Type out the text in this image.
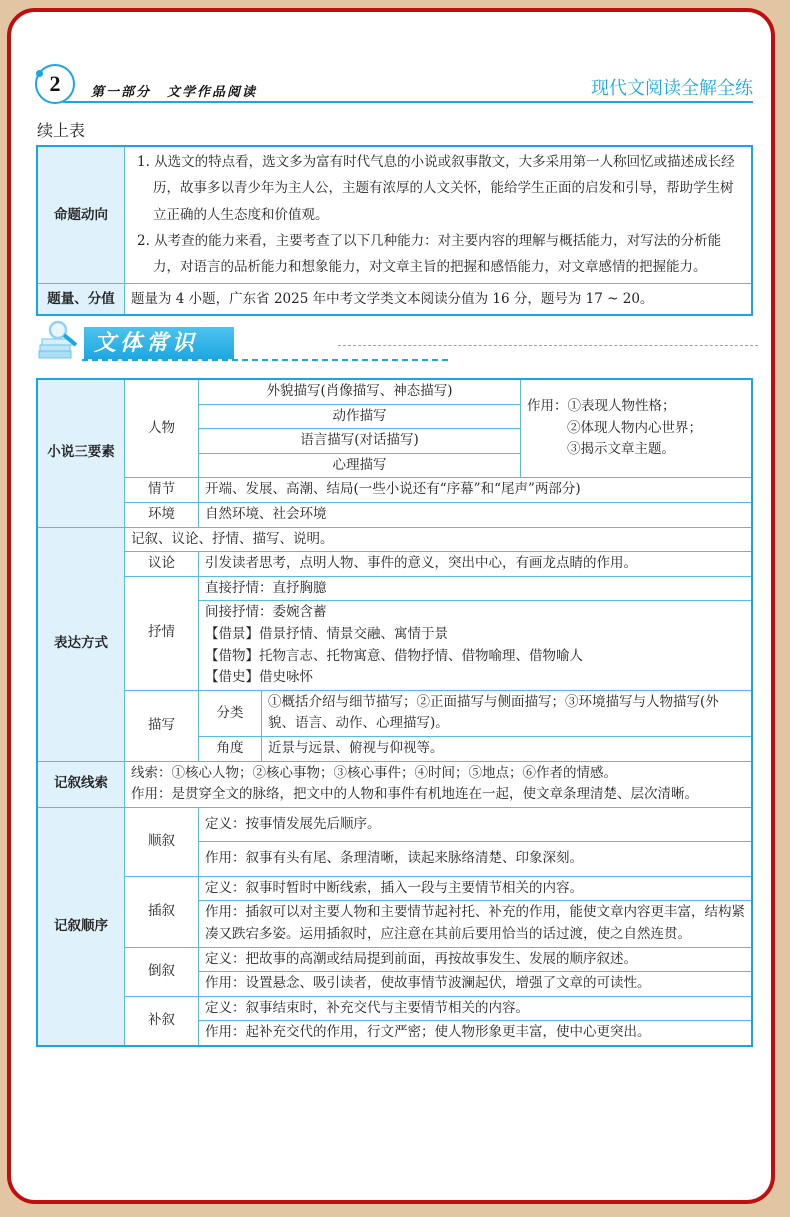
2	第一部分 文学作品阅读	现代文阅读全解全练
续上表
命题动向	1. 从选文的特点看，选文多为富有时代气息的小说或叙事散文，大多采用第一人称回忆或描述成长经历，故事多以青少年为主人公，主题有浓厚的人文关怀，能给学生正面的启发和引导，帮助学生树立正确的人生态度和价值观。
2. 从考查的能力来看，主要考查了以下几种能力：对主要内容的理解与概括能力，对写法的分析能力，对语言的品析能力和想象能力，对文章主旨的把握和感悟能力，对文章感情的把握能力。

题量、分值	题量为 4 小题，广东省 2025 年中考文学类文本阅读分值为 16 分，题号为 17 ~ 20。
文体常识
小说三要素	人物	外貌描写(肖像描写、神态描写)		作用：①表现人物性格；
②体现人物内心世界；
③揭示文章主题。

		动作描写		
		语言描写(对话描写)		
		心理描写		
	情节	开端、发展、高潮、结局(一些小说还有“序幕”和“尾声”两部分)		
	环境	自然环境、社会环境		
表达方式	记叙、议论、抒情、描写、说明。			
	议论	引发读者思考，点明人物、事件的意义，突出中心，有画龙点睛的作用。		
	抒情	直接抒情：直抒胸臆		

		间接抒情：委婉含蓄
【借景】借景抒情、情景交融、寓情于景
【借物】托物言志、托物寓意、借物抒情、借物喻理、借物喻人
【借史】借史咏怀		

	描写	分类	①概括介绍与细节描写；②正面描写与侧面描写；③环境描写与人物描写(外貌、语言、动作、心理描写)。	
		角度	近景与远景、俯视与仰视等。	
记叙线索	线索：①核心人物；②核心事物；③核心事件；④时间；⑤地点；⑥作者的情感。
作用：是贯穿全文的脉络，把文中的人物和事件有机地连在一起，使文章条理清楚、层次清晰。			

记叙顺序	顺叙	定义：按事情发展先后顺序。		
		作用：叙事有头有尾、条理清晰，读起来脉络清楚、印象深刻。		
	插叙	定义：叙事时暂时中断线索，插入一段与主要情节相关的内容。		
		作用：插叙可以对主要人物和主要情节起衬托、补充的作用，能使文章内容更丰富，结构紧凑又跌宕多姿。运用插叙时，应注意在其前后要用恰当的话过渡，使之自然连贯。		
	倒叙	定义：把故事的高潮或结局提到前面，再按故事发生、发展的顺序叙述。		
		作用：设置悬念、吸引读者，使故事情节波澜起伏，增强了文章的可读性。		
	补叙	定义：叙事结束时，补充交代与主要情节相关的内容。		
		作用：起补充交代的作用，行文严密；使人物形象更丰富，使中心更突出。		
